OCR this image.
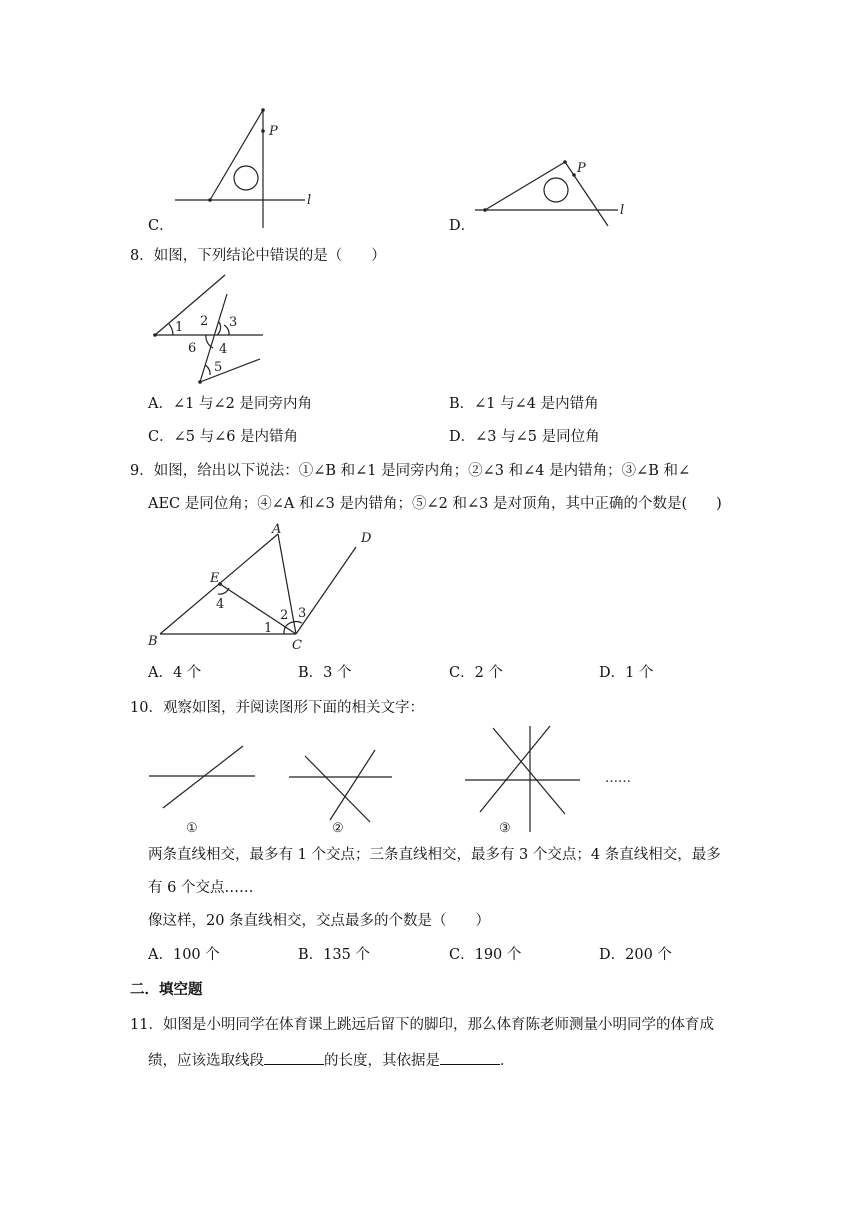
P
l
C．
P
l
D．
8．如图，下列结论中错误的是（　　）
1 2 3
4
5
6
A．∠1 与∠2 是同旁内角	B．∠1 与∠4 是内错角
C．∠5 与∠6 是内错角	D．∠3 与∠5 是同位角
9．如图，给出以下说法：①∠B 和∠1 是同旁内角；②∠3 和∠4 是内错角；③∠B 和∠
AEC 是同位角；④∠A 和∠3 是内错角；⑤∠2 和∠3 是对顶角，其中正确的个数是(　　)
A
B	C
D
E
1
2 3
4
A．4 个	B．3 个	C．2 个	D．1 个
10．观察如图，并阅读图形下面的相关文字：
……
①	②	③
两条直线相交，最多有 1 个交点；三条直线相交，最多有 3 个交点；4 条直线相交，最多
有 6 个交点……
像这样，20 条直线相交，交点最多的个数是（　　）
A．100 个	B．135 个	C．190 个	D．200 个
二．填空题
11．如图是小明同学在体育课上跳远后留下的脚印，那么体育陈老师测量小明同学的体育成
绩，应该选取线段	的长度，其依据是	．
